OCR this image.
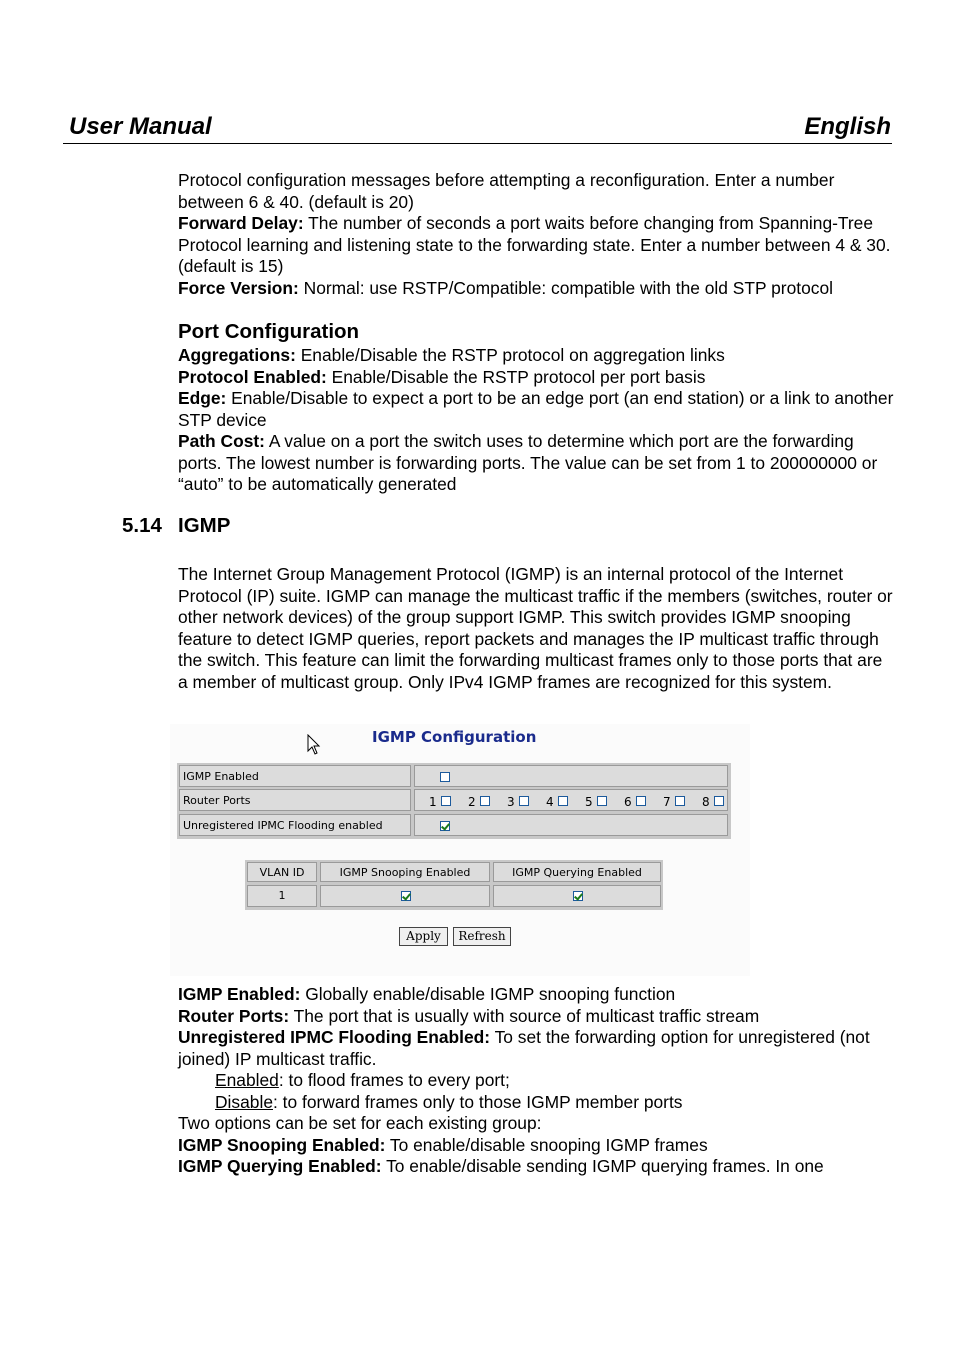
User Manual	English

Protocol configuration messages before attempting a reconfiguration. Enter a number between 6 & 40. (default is 20)

Forward Delay: The number of seconds a port waits before changing from Spanning-Tree Protocol learning and listening state to the forwarding state. Enter a number between 4 & 30. (default is 15)

Force Version: Normal: use RSTP/Compatible: compatible with the old STP protocol

Port Configuration

Aggregations: Enable/Disable the RSTP protocol on aggregation links

Protocol Enabled: Enable/Disable the RSTP protocol per port basis

Edge: Enable/Disable to expect a port to be an edge port (an end station) or a link to another STP device

Path Cost: A value on a port the switch uses to determine which port are the forwarding ports. The lowest number is forwarding ports. The value can be set from 1 to 200000000 or “auto” to be automatically generated

5.14 IGMP

The Internet Group Management Protocol (IGMP) is an internal protocol of the Internet Protocol (IP) suite. IGMP can manage the multicast traffic if the members (switches, router or other network devices) of the group support IGMP. This switch provides IGMP snooping feature to detect IGMP queries, report packets and manages the IP multicast traffic through the switch. This feature can limit the forwarding multicast frames only to those ports that are a member of multicast group. Only IPv4 IGMP frames are recognized for this system.

IGMP Configuration
IGMP Enabled
Router Ports	1	2	3	4	5	6	7	8
Unregistered IPMC Flooding enabled
VLAN ID	IGMP Snooping Enabled	IGMP Querying Enabled
1
Apply	Refresh

IGMP Enabled: Globally enable/disable IGMP snooping function

Router Ports: The port that is usually with source of multicast traffic stream

Unregistered IPMC Flooding Enabled: To set the forwarding option for unregistered (not joined) IP multicast traffic.

Enabled: to flood frames to every port;

Disable: to forward frames only to those IGMP member ports

Two options can be set for each existing group:

IGMP Snooping Enabled: To enable/disable snooping IGMP frames

IGMP Querying Enabled: To enable/disable sending IGMP querying frames. In one
